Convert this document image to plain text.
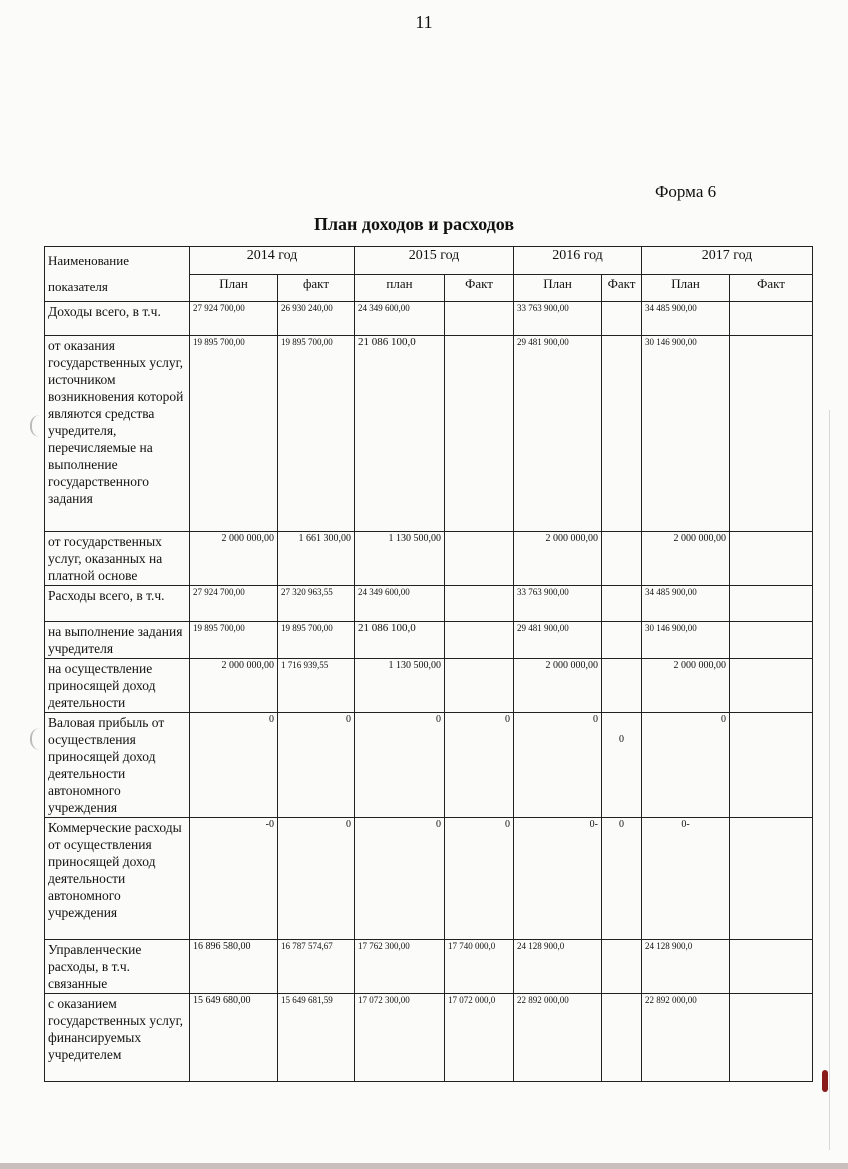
11
Форма 6
План доходов и расходов
Наименование
показателя	2014 год		2015 год		2016 год		2017 год	
	План	факт	план	Факт	План	Факт	План	Факт
Доходы всего, в т.ч.	27 924 700,00	26 930 240,00	24 349 600,00		33 763 900,00		34 485 900,00	
от оказания государственных услуг, источником возникновения которой являются средства учредителя, перечисляемые на выполнение государственного задания	19 895 700,00	19 895 700,00	21 086 100,0		29 481 900,00		30 146 900,00	
от государственных услуг, оказанных на платной основе	2 000 000,00	1 661 300,00	1 130 500,00		2 000 000,00		2 000 000,00	
Расходы всего, в т.ч.	27 924 700,00	27 320 963,55	24 349 600,00		33 763 900,00		34 485 900,00	
на выполнение задания учредителя	19 895 700,00	19 895 700,00	21 086 100,0		29 481 900,00		30 146 900,00	
на осуществление приносящей доход деятельности	2 000 000,00	1 716 939,55	1 130 500,00		2 000 000,00		2 000 000,00	
Валовая прибыль от осуществления приносящей доход деятельности автономного учреждения	0	0	0	0	0	0	0	
Коммерческие расходы от осуществления приносящей доход деятельности автономного учреждения	-0	0	0	0	0-	0	0-	
Управленческие расходы, в т.ч. связанные	16 896 580,00	16 787 574,67	17 762 300,00	17 740 000,0	24 128 900,0		24 128 900,0	
с оказанием государственных услуг, финансируемых учредителем	15 649 680,00	15 649 681,59	17 072 300,00	17 072 000,0	22 892 000,00		22 892 000,00	
